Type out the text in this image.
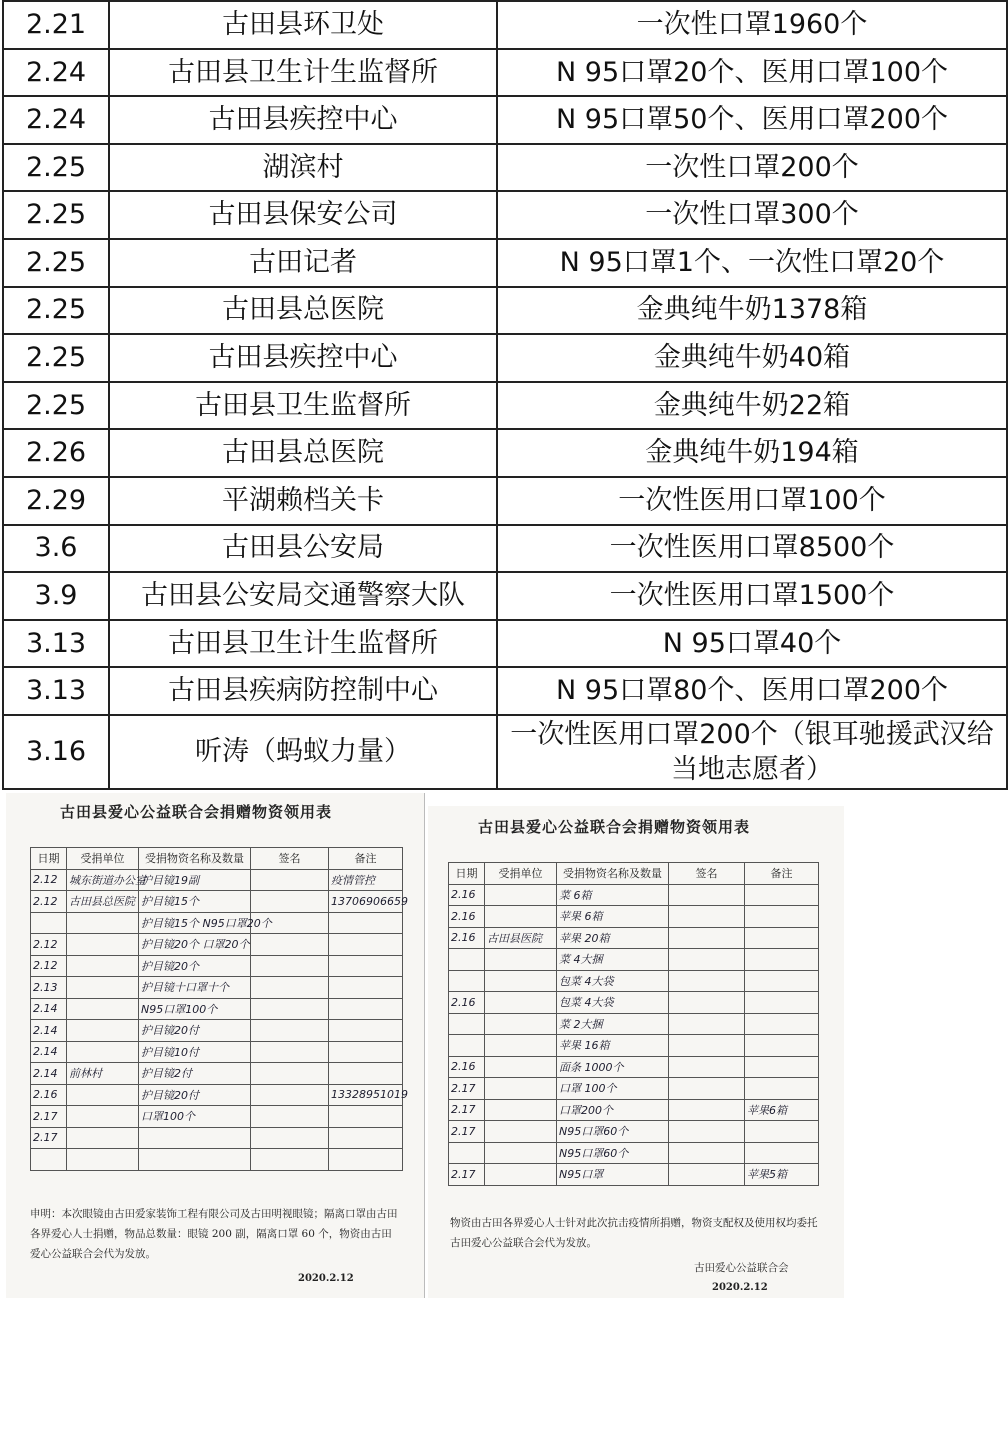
2.21	古田县环卫处	一次性口罩1960个
2.24	古田县卫生计生监督所	N 95口罩20个、医用口罩100个
2.24	古田县疾控中心	N 95口罩50个、医用口罩200个
2.25	湖滨村	一次性口罩200个
2.25	古田县保安公司	一次性口罩300个
2.25	古田记者	N 95口罩1个、一次性口罩20个
2.25	古田县总医院	金典纯牛奶1378箱
2.25	古田县疾控中心	金典纯牛奶40箱
2.25	古田县卫生监督所	金典纯牛奶22箱
2.26	古田县总医院	金典纯牛奶194箱
2.29	平湖赖档关卡	一次性医用口罩100个
3.6	古田县公安局	一次性医用口罩8500个
3.9	古田县公安局交通警察大队	一次性医用口罩1500个
3.13	古田县卫生计生监督所	N 95口罩40个
3.13	古田县疾病防控制中心	N 95口罩80个、医用口罩200个
3.16	听涛（蚂蚁力量）	一次性医用口罩200个（银耳驰援武汉给当地志愿者）
古田县爱心公益联合会捐赠物资领用表
日期	受捐单位	受捐物资名称及数量	签名	备注
2.12	城东街道办公室	护目镜19副		疫情管控
2.12	古田县总医院	护目镜15个		13706906659
		护目镜15个 N95口罩20个		
2.12		护目镜20个 口罩20个		
2.12		护目镜20个		
2.13		护目镜十口罩十个		
2.14		N95口罩100个		
2.14		护目镜20付		
2.14		护目镜10付		
2.14	前林村	护目镜2付		
2.16		护目镜20付		13328951019
2.17		口罩100个		
2.17				

申明：本次眼镜由古田爱家装饰工程有限公司及古田明视眼镜；隔离口罩由古田各界爱心人士捐赠，物品总数量：眼镜 200 副，隔离口罩 60 个，物资由古田爱心公益联合会代为发放。
2020.2.12
古田县爱心公益联合会捐赠物资领用表
日期	受捐单位	受捐物资名称及数量	签名	备注
2.16		菜 6箱		
2.16		苹果 6箱		
2.16	古田县医院	苹果 20箱		
		菜 4大捆		
		包菜 4大袋		
2.16		包菜 4大袋		
		菜 2大捆		
		苹果 16箱		
2.16		面条 1000个		
2.17		口罩 100个		
2.17		口罩200个		苹果6箱
2.17		N95口罩60个		
		N95口罩60个		
2.17		N95口罩		苹果5箱
物资由古田各界爱心人士针对此次抗击疫情所捐赠，物资支配权及使用权均委托古田爱心公益联合会代为发放。
古田爱心公益联合会
2020.2.12
